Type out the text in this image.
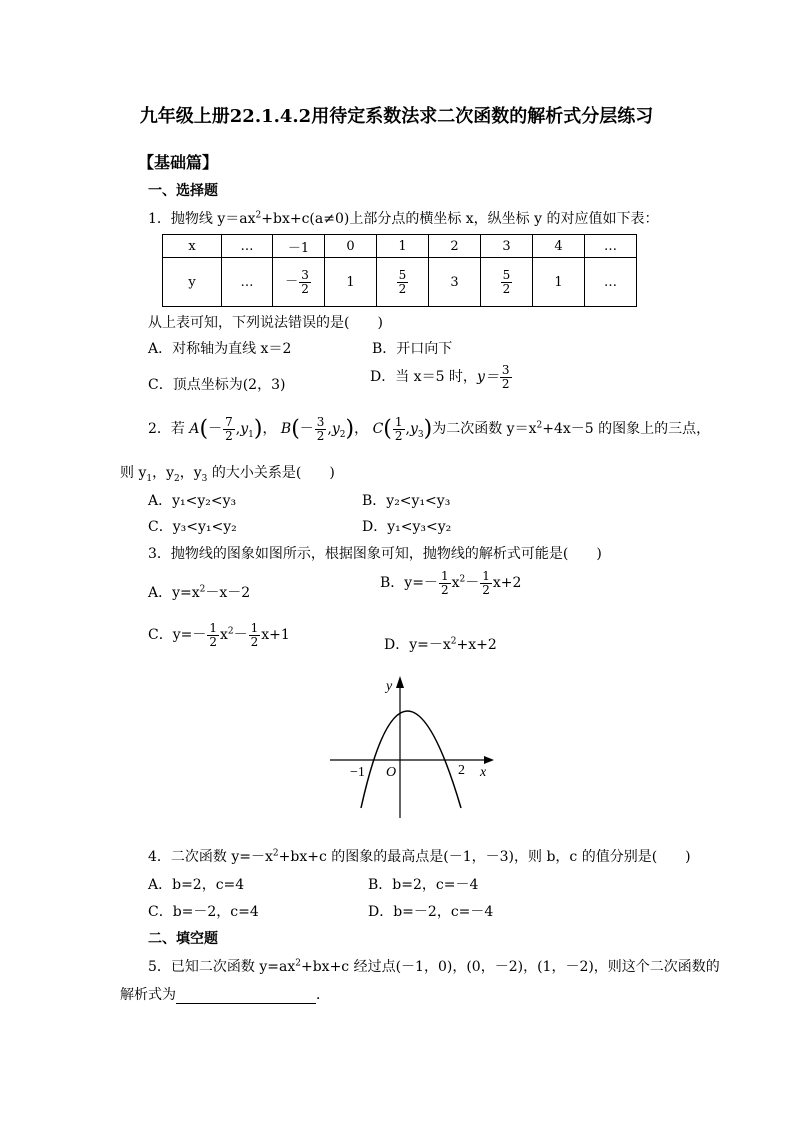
九年级上册22.1.4.2用待定系数法求二次函数的解析式分层练习
【基础篇】
一、选择题
1．抛物线 $y=ax^2+bx+c(a\ne 0)$上部分点的横坐标 x，纵坐标 y 的对应值如下表：
x	…	－1	0	1	2	3	4	…
y	…	－ $\frac{3}{2}$	1	$\frac{5}{2}$	3	$\frac{5}{2}$	1	…
从上表可知，下列说法错误的是(　　)
A．对称轴为直线 x＝2	B．开口向下
C．顶点坐标为(2，3)	D．当 x＝5 时，$y= \frac{3}{2}$
2．若 $A(- \frac{7}{2} ,y_1)$， $B(- \frac{3}{2} ,y_2)$， $C( \frac{1}{2} ,y_3)$为二次函数 $y=x^2+4x-5$ 的图象上的三点，
则 $y_1$，$y_2$，$y_3$ 的大小关系是(　　)
A．y₁<y₂<y₃	B．y₂<y₁<y₃
C．y₃<y₁<y₂	D．y₁<y₃<y₂
3．抛物线的图象如图所示，根据图象可知，抛物线的解析式可能是(　　)
A．$y=x^2-x-2$
B．$y=- \frac{1}{2} x^2- \frac{1}{2} x+2$
C．$y=- \frac{1}{2} x^2- \frac{1}{2} x+1$
D．$y=-x^2+x+2$
y
x
O
−1	2
4．二次函数 $y=-x^2+bx+c$ 的图象的最高点是(－1，－3)，则 b，c 的值分别是(　　)
A．b=2，c=4	B．b=2，c=－4
C．b=－2，c=4	D．b=－2，c=－4
二、填空题
5．已知二次函数 $y=ax^2+bx+c$ 经过点(－1，0)，(0，－2)，(1，－2)，则这个二次函数的
解析式为	．
